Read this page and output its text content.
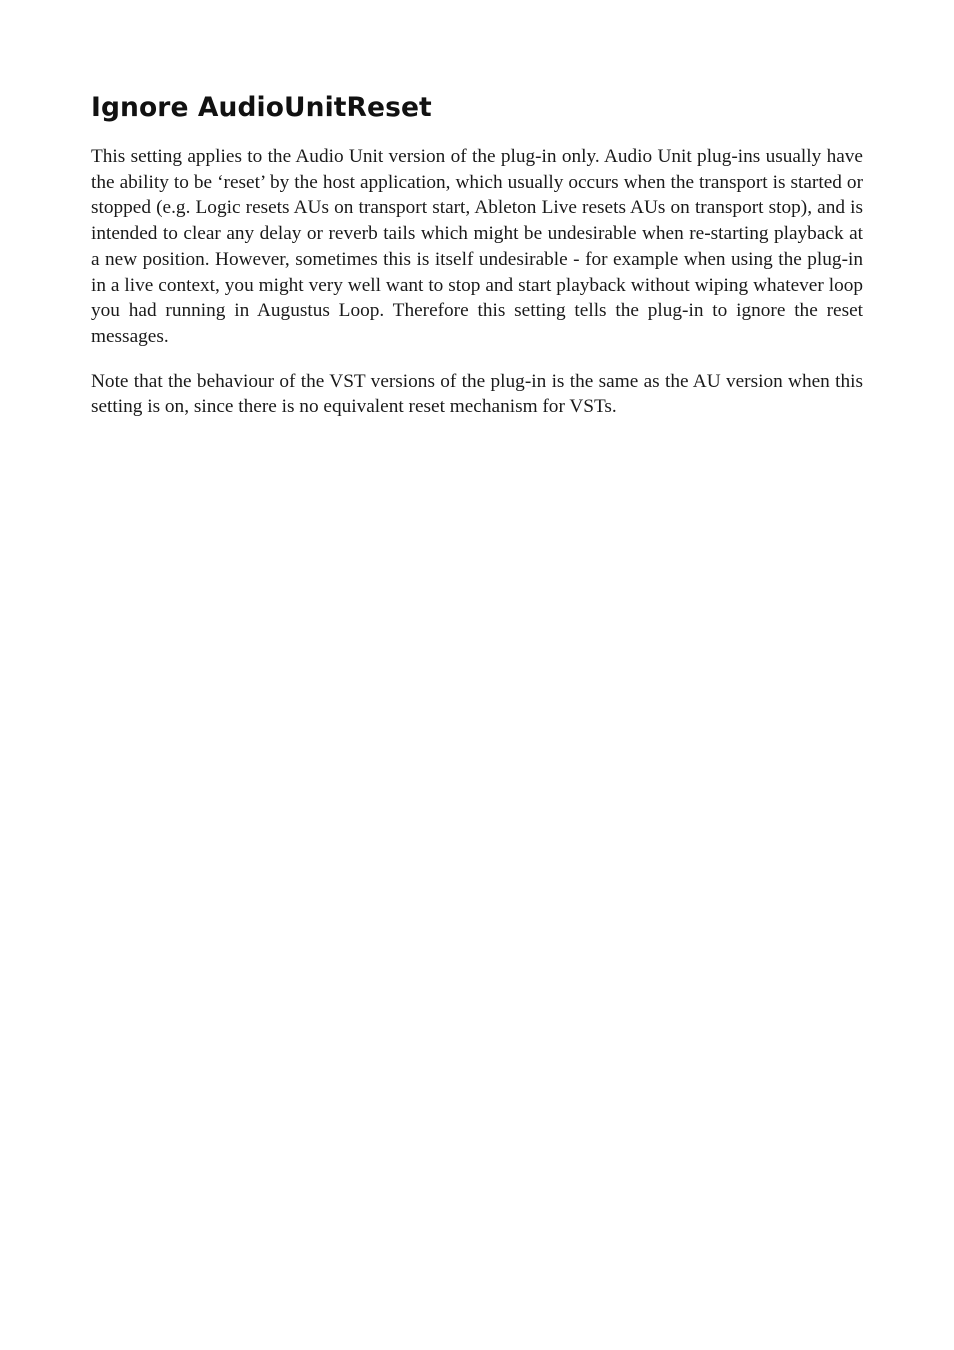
Ignore AudioUnitReset

This setting applies to the Audio Unit version of the plug-in only. Audio Unit plug-ins usually have the ability to be ‘reset’ by the host application, which usually occurs when the transport is started or stopped (e.g. Logic resets AUs on transport start, Ableton Live resets AUs on transport stop), and is intended to clear any delay or reverb tails which might be undesirable when re-starting playback at a new position. However, sometimes this is itself undesirable - for example when using the plug-in in a live context, you might very well want to stop and start playback without wiping whatever loop you had running in Augustus Loop. Therefore this setting tells the plug-in to ignore the reset messages.

Note that the behaviour of the VST versions of the plug-in is the same as the AU version when this setting is on, since there is no equivalent reset mechanism for VSTs.
